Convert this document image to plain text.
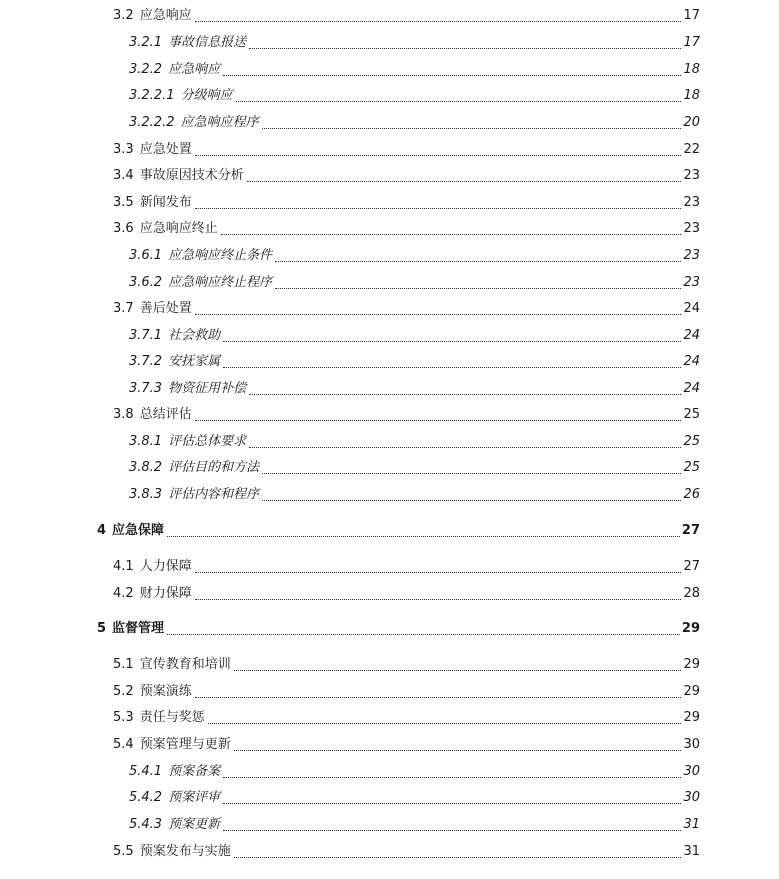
3.2 应急响应	17
3.2.1 事故信息报送	17
3.2.2 应急响应	18
3.2.2.1 分级响应	18
3.2.2.2 应急响应程序	20
3.3 应急处置	22
3.4 事故原因技术分析	23
3.5 新闻发布	23
3.6 应急响应终止	23
3.6.1 应急响应终止条件	23
3.6.2 应急响应终止程序	23
3.7 善后处置	24
3.7.1 社会救助	24
3.7.2 安抚家属	24
3.7.3 物资征用补偿	24
3.8 总结评估	25
3.8.1 评估总体要求	25
3.8.2 评估目的和方法	25
3.8.3 评估内容和程序	26
4 应急保障	27
4.1 人力保障	27
4.2 财力保障	28
5 监督管理	29
5.1 宣传教育和培训	29
5.2 预案演练	29
5.3 责任与奖惩	29
5.4 预案管理与更新	30
5.4.1 预案备案	30
5.4.2 预案评审	30
5.4.3 预案更新	31
5.5 预案发布与实施	31
